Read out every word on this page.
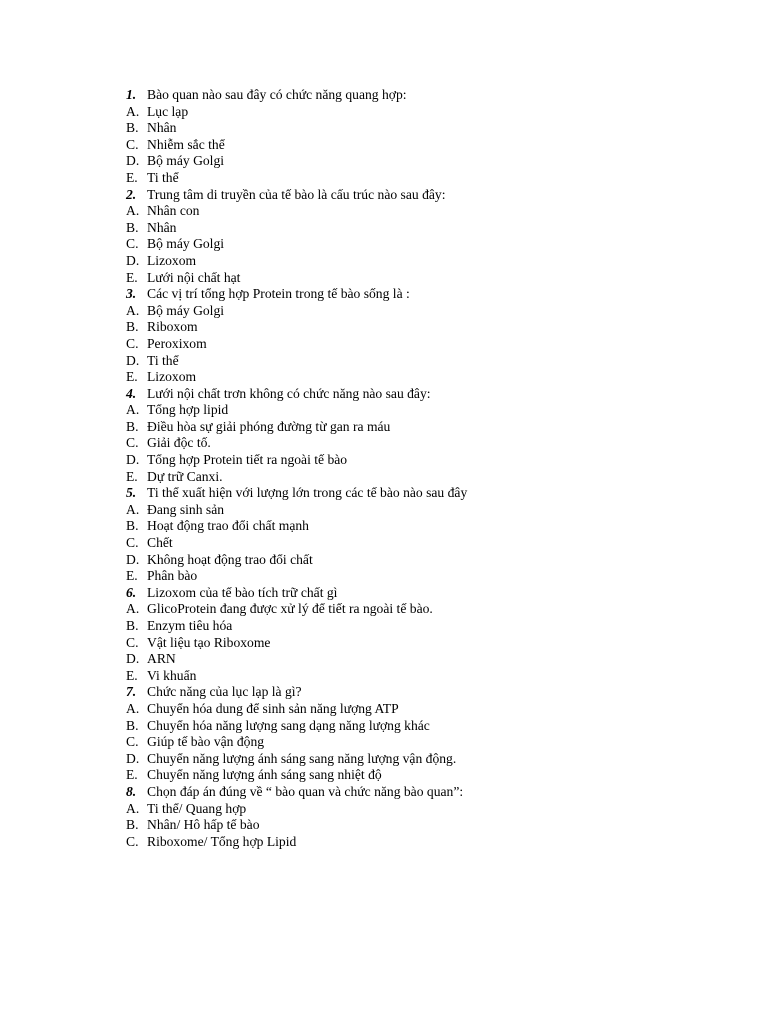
1. Bào quan nào sau đây có chức năng quang hợp:
A. Lục lạp
B. Nhân
C. Nhiễm sắc thể
D. Bộ máy Golgi
E. Ti thể
2. Trung tâm di truyền của tế bào là cấu trúc nào sau đây:
A. Nhân con
B. Nhân
C. Bộ máy Golgi
D. Lizoxom
E. Lưới nội chất hạt
3. Các vị trí tổng hợp Protein trong tế bào sống là :
A. Bộ máy Golgi
B. Riboxom
C. Peroxixom
D. Ti thể
E. Lizoxom
4. Lưới nội chất trơn không có chức năng nào sau đây:
A. Tổng hợp lipid
B. Điều hòa sự giải phóng đường từ gan ra máu
C. Giải độc tố.
D. Tổng hợp Protein tiết ra ngoài tế bào
E. Dự trữ Canxi.
5. Ti thể xuất hiện với lượng lớn trong các tế bào nào sau đây
A. Đang sinh sản
B. Hoạt động trao đổi chất mạnh
C. Chết
D. Không hoạt động trao đổi chất
E. Phân bào
6. Lizoxom của tế bào tích trữ chất gì
A. GlicoProtein đang được xử lý để tiết ra ngoài tế bào.
B. Enzym tiêu hóa
C. Vật liệu tạo Riboxome
D. ARN
E. Vi khuẩn
7. Chức năng của lục lạp là gì?
A. Chuyển hóa dung để sinh sản năng lượng ATP
B. Chuyển hóa năng lượng sang dạng năng lượng khác
C. Giúp tế bào vận động
D. Chuyển năng lượng ánh sáng sang năng lượng vận động.
E. Chuyển năng lượng ánh sáng sang nhiệt độ
8. Chọn đáp án đúng về “ bào quan và chức năng bào quan”:
A. Ti thể/ Quang hợp
B. Nhân/ Hô hấp tế bào
C. Riboxome/ Tổng hợp Lipid
